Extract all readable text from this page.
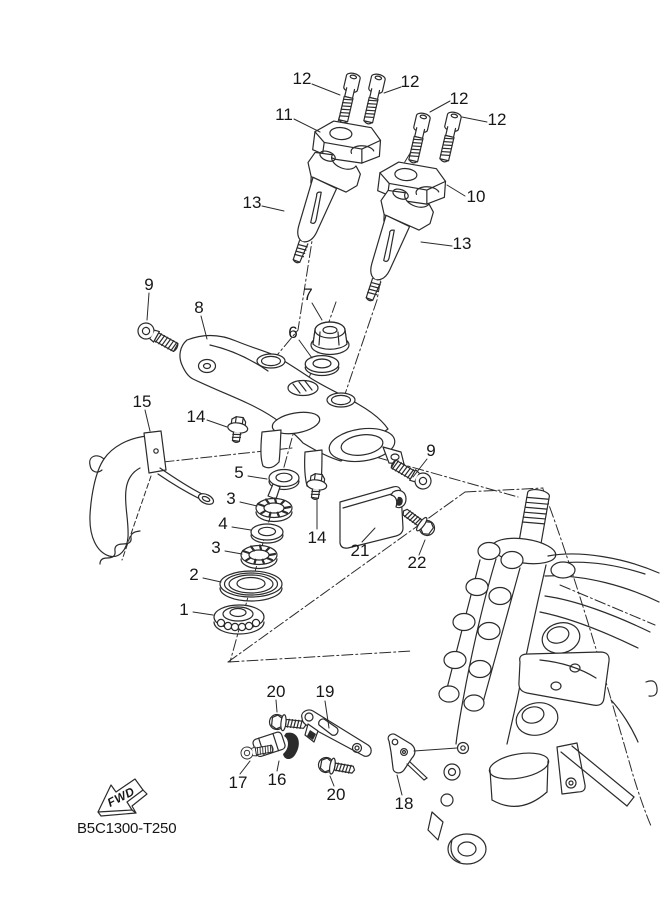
12	12
12
12
11
10
13
13
7
9
8
6
15
14
9
5
3
4
14
3	21
2
22
1
20 19
17 16
20	18
FWD
B5C1300-T250
